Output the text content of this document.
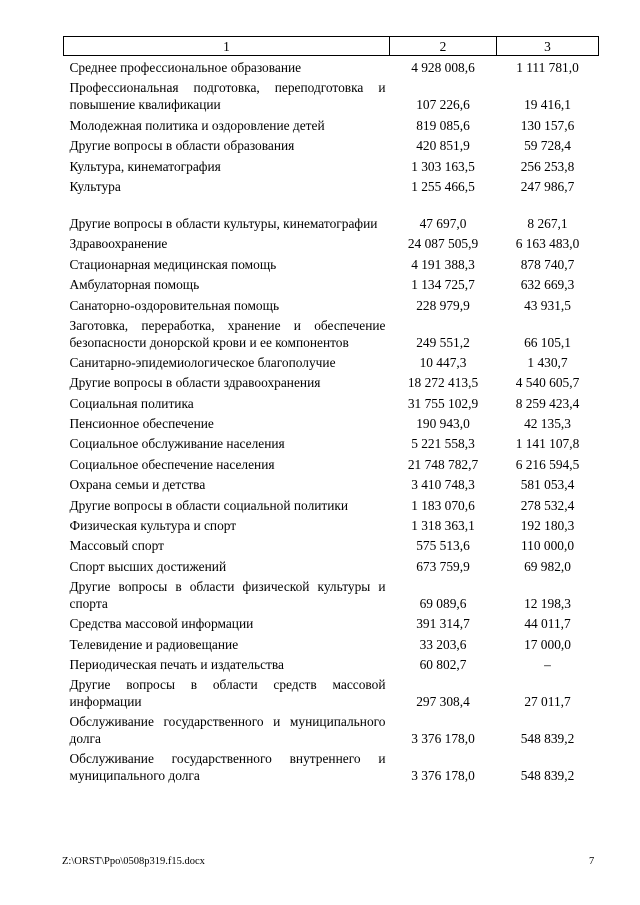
1	2	3
Среднее профессиональное образование	4 928 008,6	1 111 781,0
Профессиональная подготовка, переподготовка и повышение квалификации	107 226,6	19 416,1
Молодежная политика и оздоровление детей	819 085,6	130 157,6
Другие вопросы в области образования	420 851,9	59 728,4
Культура, кинематография	1 303 163,5	256 253,8
Культура	1 255 466,5	247 986,7
Другие вопросы в области культуры, кинематографии	47 697,0	8 267,1
Здравоохранение	24 087 505,9	6 163 483,0
Стационарная медицинская помощь	4 191 388,3	878 740,7
Амбулаторная помощь	1 134 725,7	632 669,3
Санаторно-оздоровительная помощь	228 979,9	43 931,5
Заготовка, переработка, хранение и обеспечение безопасности донорской крови и ее компонентов	249 551,2	66 105,1
Санитарно-эпидемиологическое благополучие	10 447,3	1 430,7
Другие вопросы в области здравоохранения	18 272 413,5	4 540 605,7
Социальная политика	31 755 102,9	8 259 423,4
Пенсионное обеспечение	190 943,0	42 135,3
Социальное обслуживание населения	5 221 558,3	1 141 107,8
Социальное обеспечение населения	21 748 782,7	6 216 594,5
Охрана семьи и детства	3 410 748,3	581 053,4
Другие вопросы в области социальной политики	1 183 070,6	278 532,4
Физическая культура и спорт	1 318 363,1	192 180,3
Массовый спорт	575 513,6	110 000,0
Спорт высших достижений	673 759,9	69 982,0
Другие вопросы в области физической культуры и спорта	69 089,6	12 198,3
Средства массовой информации	391 314,7	44 011,7
Телевидение и радиовещание	33 203,6	17 000,0
Периодическая печать и издательства	60 802,7	–
Другие вопросы в области средств массовой информации	297 308,4	27 011,7
Обслуживание государственного и муниципального долга	3 376 178,0	548 839,2
Обслуживание государственного внутреннего и муниципального долга	3 376 178,0	548 839,2
Z:\ORST\Ppo\0508p319.f15.docx	7
